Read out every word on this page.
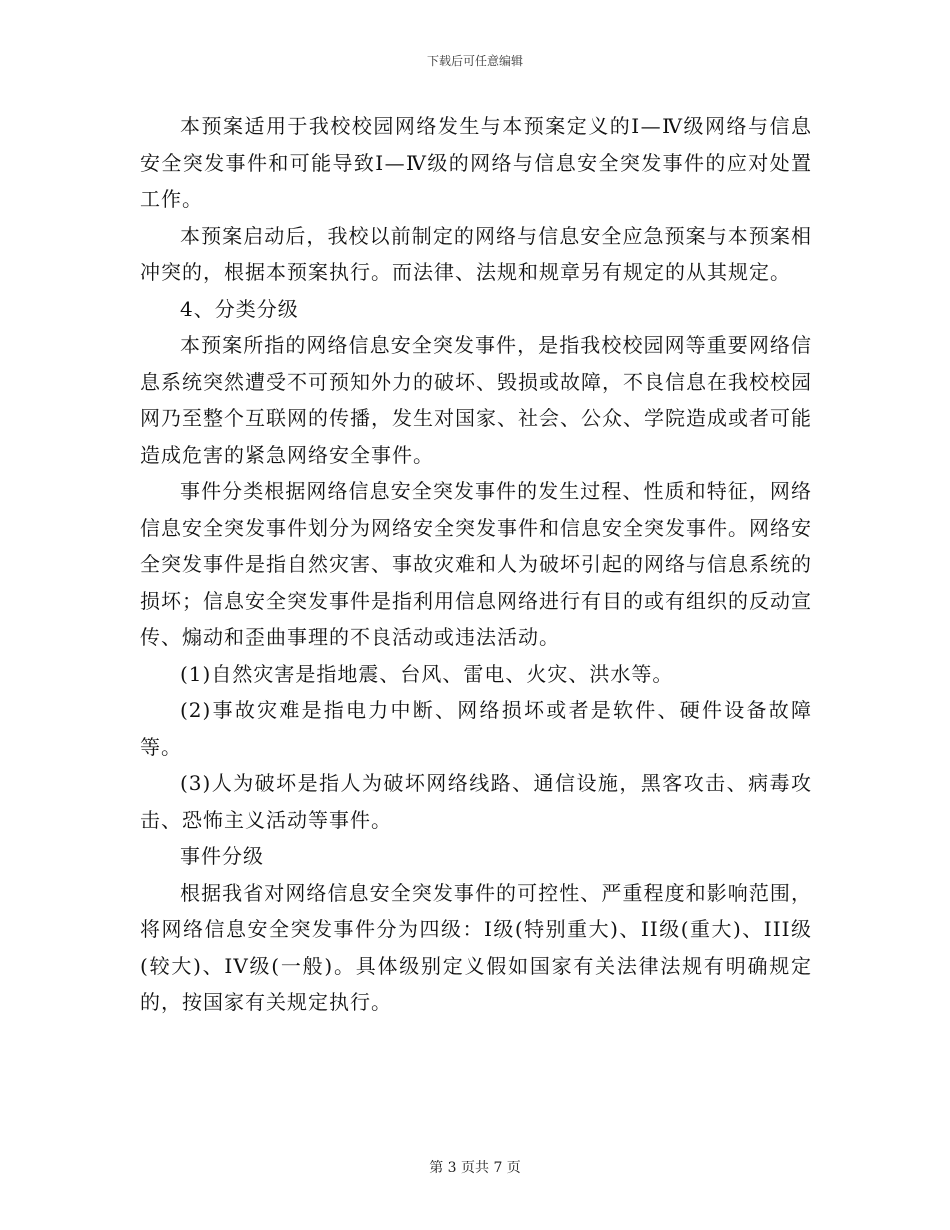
下载后可任意编辑

本预案适用于我校校园网络发生与本预案定义的Ⅰ—Ⅳ级网络与信息安全突发事件和可能导致Ⅰ—Ⅳ级的网络与信息安全突发事件的应对处置工作。

本预案启动后，我校以前制定的网络与信息安全应急预案与本预案相冲突的，根据本预案执行。而法律、法规和规章另有规定的从其规定。

4、分类分级

本预案所指的网络信息安全突发事件，是指我校校园网等重要网络信息系统突然遭受不可预知外力的破坏、毁损或故障，不良信息在我校校园网乃至整个互联网的传播，发生对国家、社会、公众、学院造成或者可能造成危害的紧急网络安全事件。

事件分类根据网络信息安全突发事件的发生过程、性质和特征，网络信息安全突发事件划分为网络安全突发事件和信息安全突发事件。网络安全突发事件是指自然灾害、事故灾难和人为破坏引起的网络与信息系统的损坏；信息安全突发事件是指利用信息网络进行有目的或有组织的反动宣传、煽动和歪曲事理的不良活动或违法活动。

(1)自然灾害是指地震、台风、雷电、火灾、洪水等。

(2)事故灾难是指电力中断、网络损坏或者是软件、硬件设备故障等。

(3)人为破坏是指人为破坏网络线路、通信设施，黑客攻击、病毒攻击、恐怖主义活动等事件。

事件分级

根据我省对网络信息安全突发事件的可控性、严重程度和影响范围，将网络信息安全突发事件分为四级：I级(特别重大)、II级(重大)、III级(较大)、IV级(一般)。具体级别定义假如国家有关法律法规有明确规定的，按国家有关规定执行。

第 3 页共 7 页
